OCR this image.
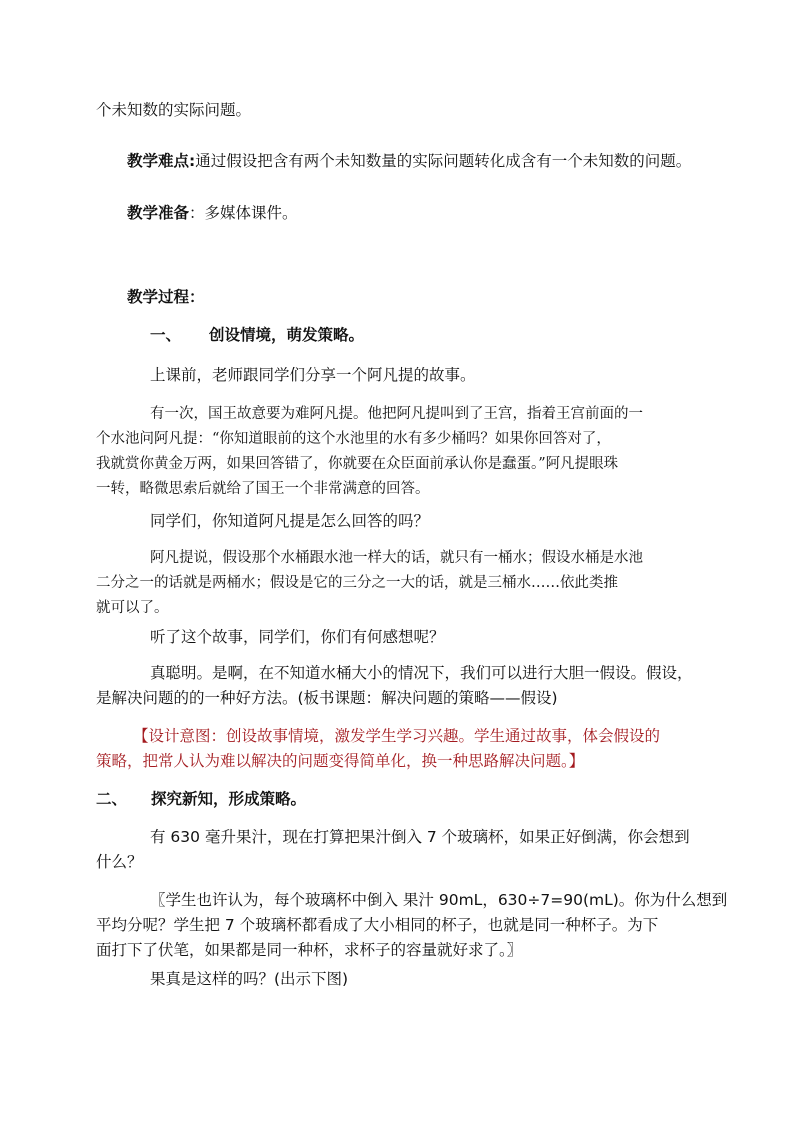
个未知数的实际问题。

教学难点:通过假设把含有两个未知数量的实际问题转化成含有一个未知数的问题。

教学准备：多媒体课件。

教学过程：

一、 创设情境，萌发策略。

上课前，老师跟同学们分享一个阿凡提的故事。

有一次，国王故意要为难阿凡提。他把阿凡提叫到了王宫，指着王宫前面的一

个水池问阿凡提：“你知道眼前的这个水池里的水有多少桶吗？如果你回答对了，

我就赏你黄金万两，如果回答错了，你就要在众臣面前承认你是蠢蛋。”阿凡提眼珠

一转，略微思索后就给了国王一个非常满意的回答。

同学们，你知道阿凡提是怎么回答的吗？

阿凡提说，假设那个水桶跟水池一样大的话，就只有一桶水；假设水桶是水池

二分之一的话就是两桶水；假设是它的三分之一大的话，就是三桶水……依此类推

就可以了。

听了这个故事，同学们，你们有何感想呢？

真聪明。是啊，在不知道水桶大小的情况下，我们可以进行大胆一假设。假设，

是解决问题的的一种好方法。(板书课题：解决问题的策略——假设)

【设计意图：创设故事情境，激发学生学习兴趣。学生通过故事，体会假设的

策略，把常人认为难以解决的问题变得简单化，换一种思路解决问题。】

二、 探究新知，形成策略。

有 630 毫升果汁，现在打算把果汁倒入 7 个玻璃杯，如果正好倒满，你会想到

什么？

〖学生也许认为，每个玻璃杯中倒入 果汁 90mL，630÷7=90(mL)。你为什么想到

平均分呢？学生把 7 个玻璃杯都看成了大小相同的杯子，也就是同一种杯子。为下

面打下了伏笔，如果都是同一种杯，求杯子的容量就好求了。〗

果真是这样的吗？(出示下图)
